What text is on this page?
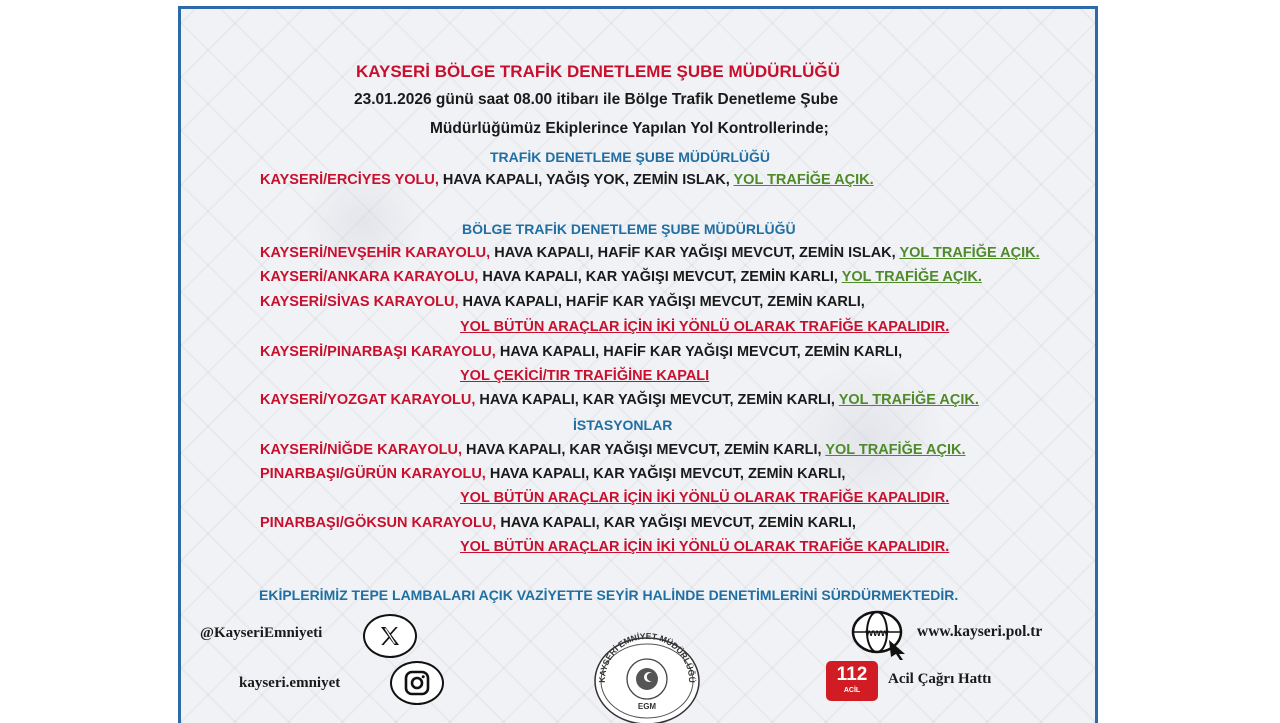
KAYSERİ BÖLGE TRAFİK DENETLEME ŞUBE MÜDÜRLÜĞÜ
23.01.2026 günü saat 08.00 itibarı ile Bölge Trafik Denetleme Şube
Müdürlüğümüz Ekiplerince Yapılan Yol Kontrollerinde;
TRAFİK DENETLEME ŞUBE MÜDÜRLÜĞÜ
KAYSERİ/ERCİYES YOLU, HAVA KAPALI, YAĞIŞ YOK, ZEMİN ISLAK, YOL TRAFİĞE AÇIK.
BÖLGE TRAFİK DENETLEME ŞUBE MÜDÜRLÜĞÜ
KAYSERİ/NEVŞEHİR KARAYOLU, HAVA KAPALI, HAFİF KAR YAĞIŞI MEVCUT, ZEMİN ISLAK, YOL TRAFİĞE AÇIK.
KAYSERİ/ANKARA KARAYOLU, HAVA KAPALI, KAR YAĞIŞI MEVCUT, ZEMİN KARLI, YOL TRAFİĞE AÇIK.
KAYSERİ/SİVAS KARAYOLU, HAVA KAPALI, HAFİF KAR YAĞIŞI MEVCUT, ZEMİN KARLI,
YOL BÜTÜN ARAÇLAR İÇİN İKİ YÖNLÜ OLARAK TRAFİĞE KAPALIDIR.
KAYSERİ/PINARBAŞI KARAYOLU, HAVA KAPALI, HAFİF KAR YAĞIŞI MEVCUT, ZEMİN KARLI,
YOL ÇEKİCİ/TIR TRAFİĞİNE KAPALI
KAYSERİ/YOZGAT KARAYOLU, HAVA KAPALI, KAR YAĞIŞI MEVCUT, ZEMİN KARLI, YOL TRAFİĞE AÇIK.
İSTASYONLAR
KAYSERİ/NİĞDE KARAYOLU, HAVA KAPALI, KAR YAĞIŞI MEVCUT, ZEMİN KARLI, YOL TRAFİĞE AÇIK.
PINARBAŞI/GÜRÜN KARAYOLU, HAVA KAPALI, KAR YAĞIŞI MEVCUT, ZEMİN KARLI,
YOL BÜTÜN ARAÇLAR İÇİN İKİ YÖNLÜ OLARAK TRAFİĞE KAPALIDIR.
PINARBAŞI/GÖKSUN KARAYOLU, HAVA KAPALI, KAR YAĞIŞI MEVCUT, ZEMİN KARLI,
YOL BÜTÜN ARAÇLAR İÇİN İKİ YÖNLÜ OLARAK TRAFİĞE KAPALIDIR.
EKİPLERİMİZ TEPE LAMBALARI AÇIK VAZİYETTE SEYİR HALİNDE DENETİMLERİNİ SÜRDÜRMEKTEDİR.
@KayseriEmniyeti
kayseri.emniyet	KAYSERİ EMNİYET MÜDÜRLÜĞÜ
EGM
www www.kayseri.pol.tr
112
ACİL
Acil Çağrı Hattı
